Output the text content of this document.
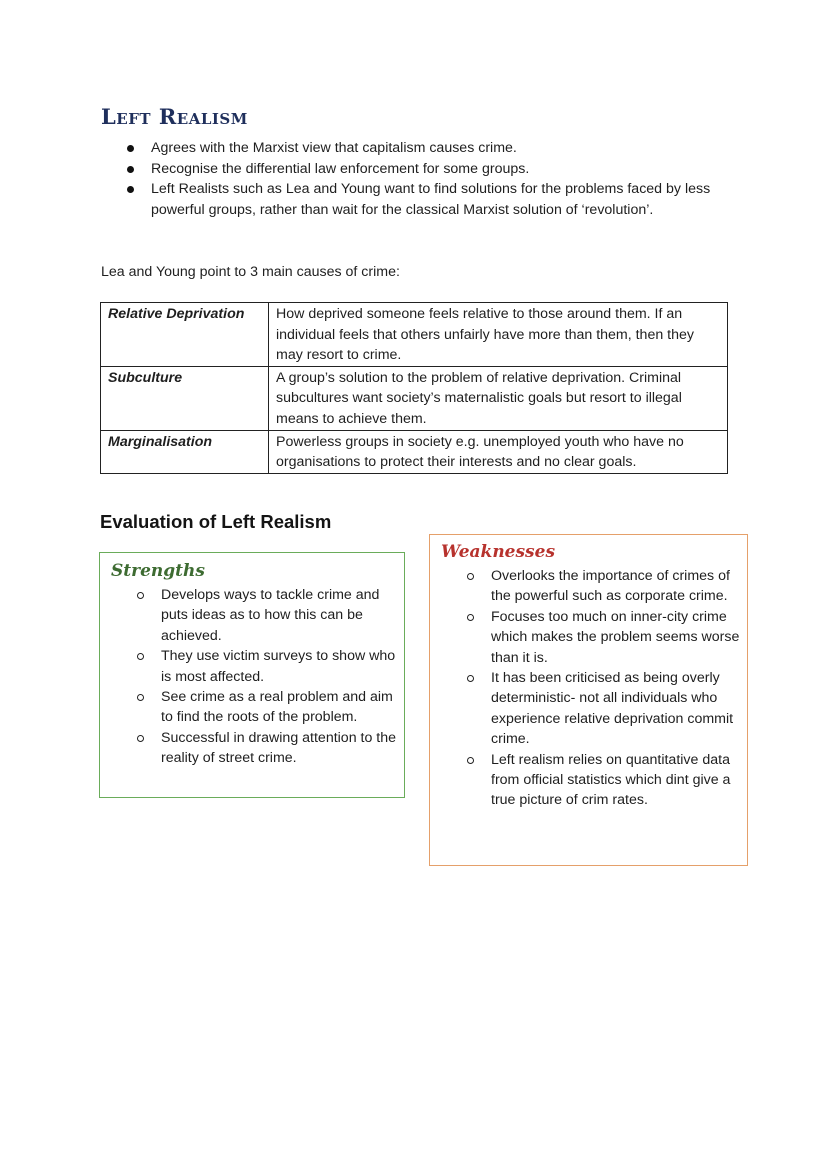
Left Realism
Agrees with the Marxist view that capitalism causes crime.
Recognise the differential law enforcement for some groups.
Left Realists such as Lea and Young want to find solutions for the problems faced by less powerful groups, rather than wait for the classical Marxist solution of ‘revolution’.

Lea and Young point to 3 main causes of crime:

Relative Deprivation	How deprived someone feels relative to those around them. If an individual feels that others unfairly have more than them, then they may resort to crime.
Subculture	A group’s solution to the problem of relative deprivation. Criminal subcultures want society’s maternalistic goals but resort to illegal means to achieve them.
Marginalisation	Powerless groups in society e.g. unemployed youth who have no organisations to protect their interests and no clear goals.
Evaluation of Left Realism

Strengths

Develops ways to tackle crime and puts ideas as to how this can be achieved.
They use victim surveys to show who is most affected.
See crime as a real problem and aim to find the roots of the problem.
Successful in drawing attention to the reality of street crime.

Weaknesses

Overlooks the importance of crimes of the powerful such as corporate crime.
Focuses too much on inner-city crime which makes the problem seems worse than it is.
It has been criticised as being overly deterministic- not all individuals who experience relative deprivation commit crime.
Left realism relies on quantitative data from official statistics which dint give a true picture of crim rates.
